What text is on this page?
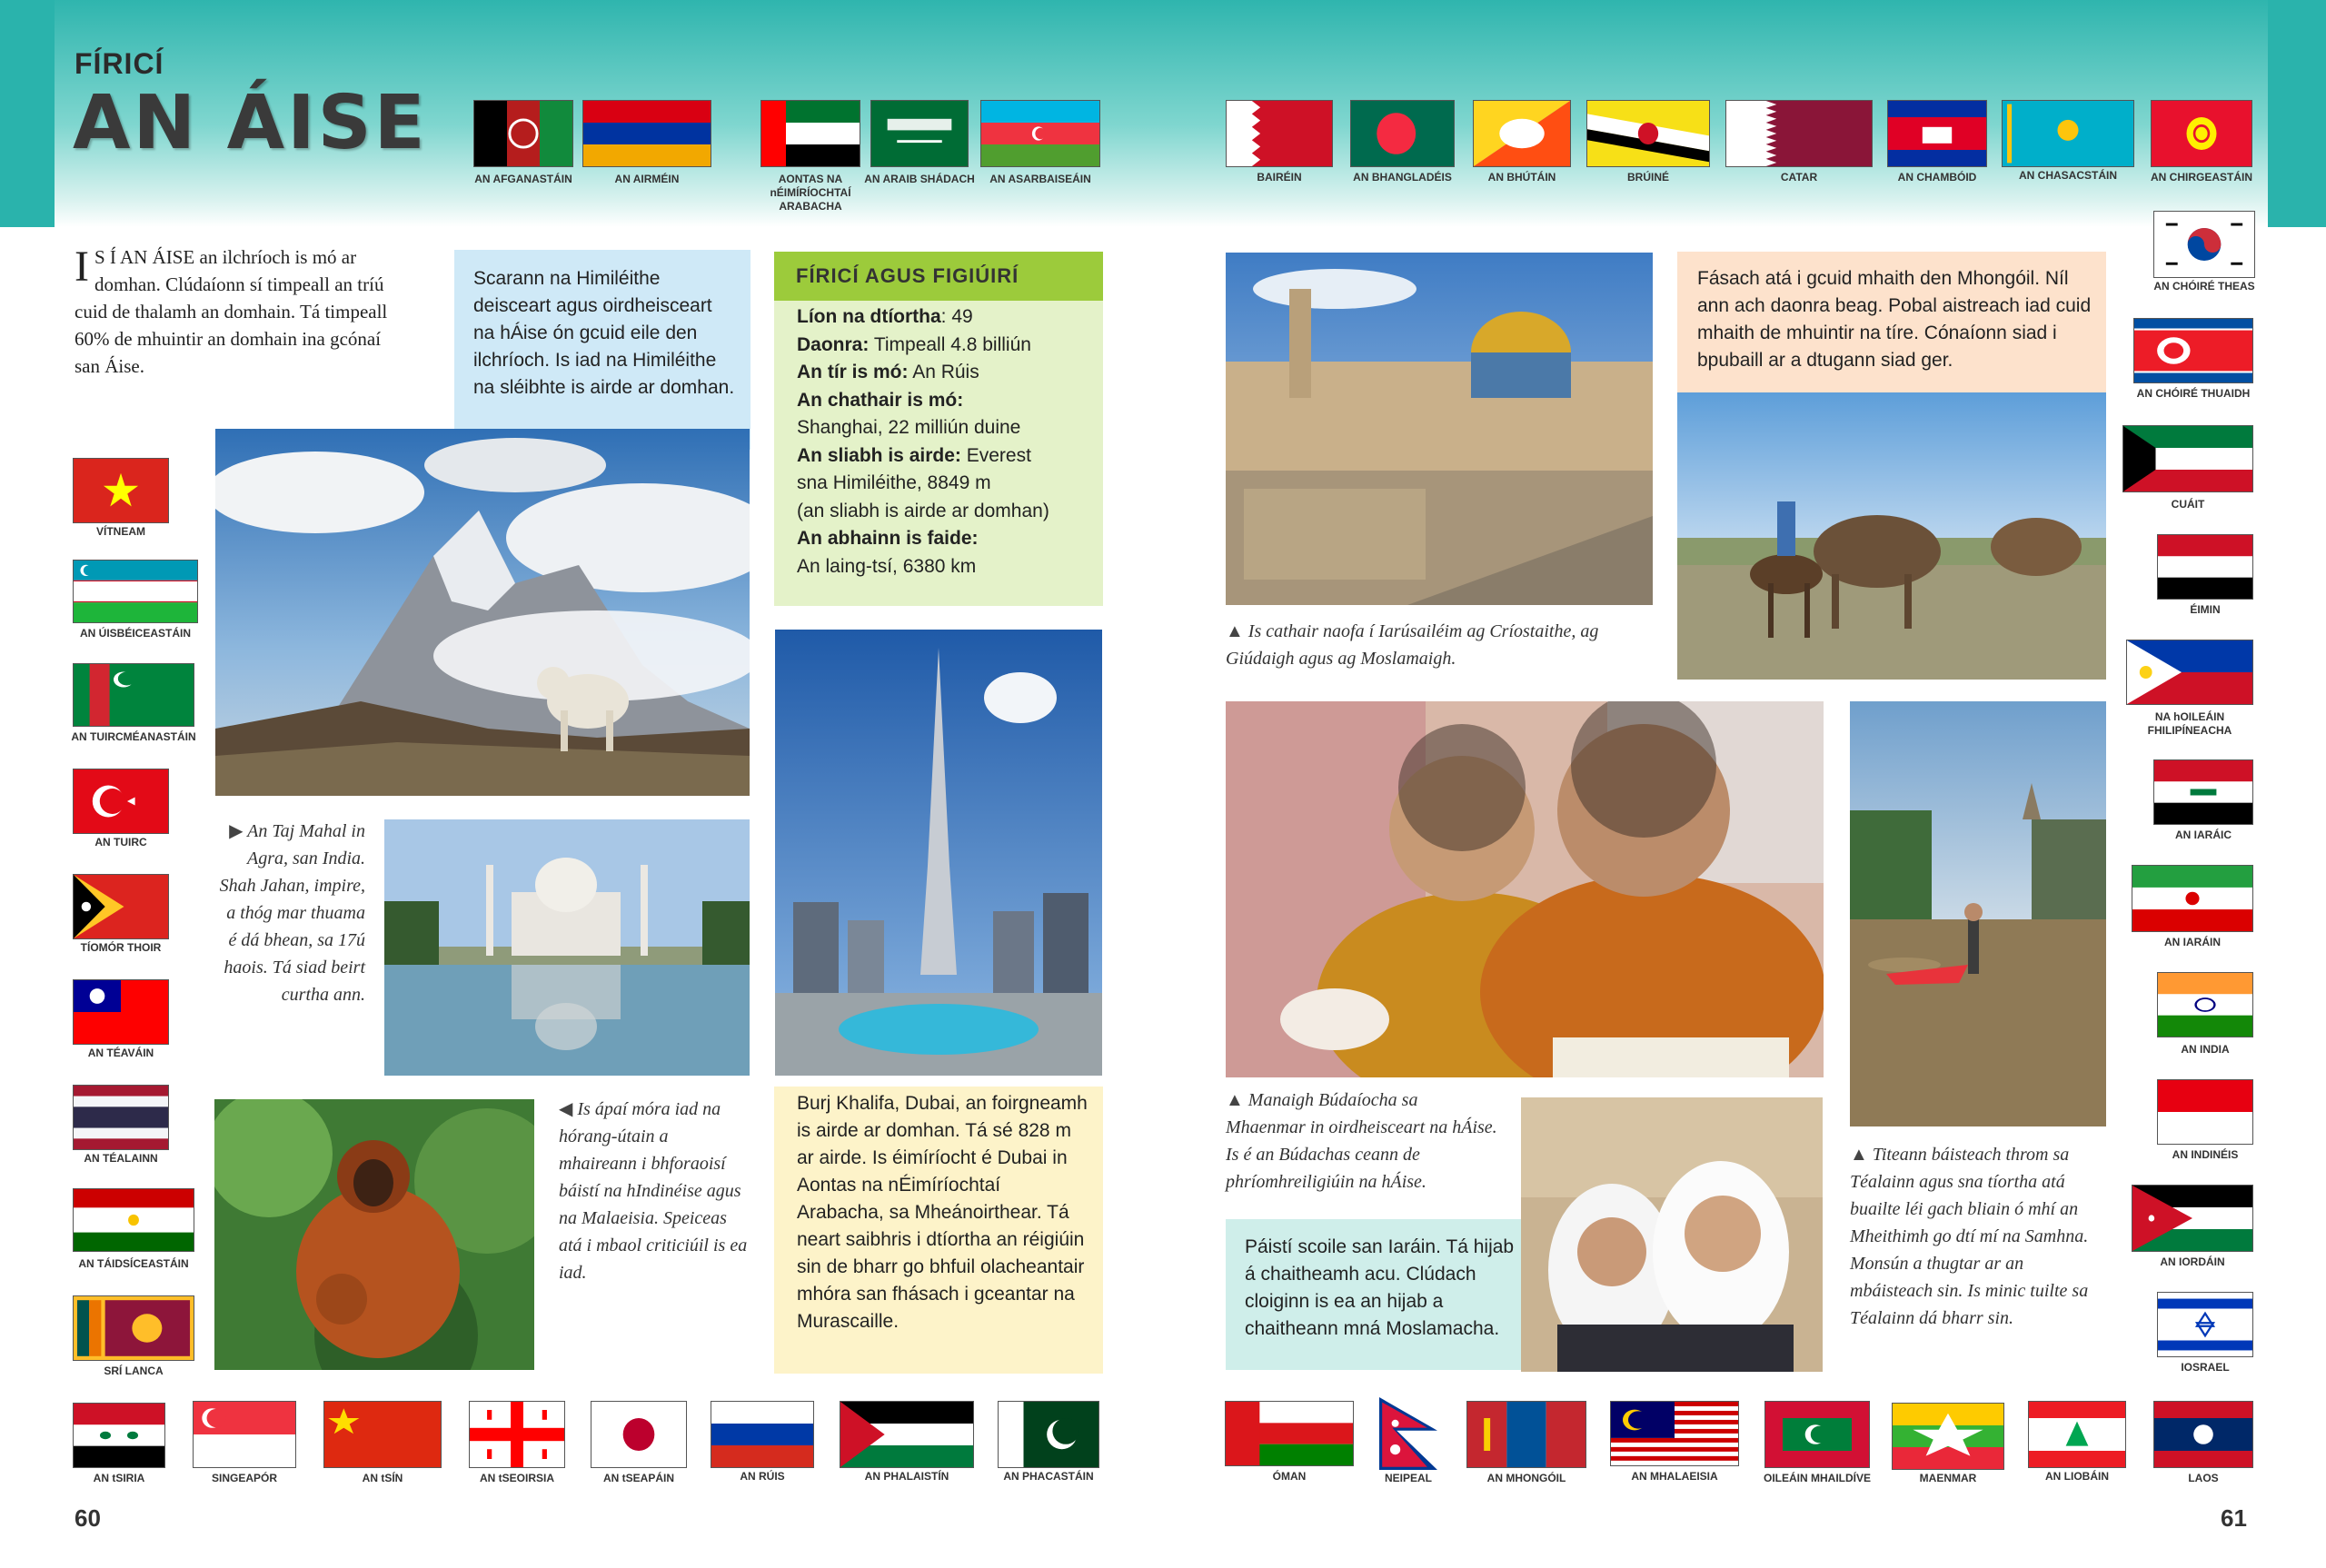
FÍRICÍ
AN ÁISE
AN AFGANASTÁIN	AN AIRMÉIN	AONTAS NA nÉIMÍRÍOCHTAÍ ARABACHA
AN ARAIB SHÁDACH	AN ASARBAISEÁIN	BAIRÉIN	AN BHANGLADÉIS	AN BHÚTÁIN	BRÚINÉ	CATAR	AN CHAMBÓID	AN CHASACSTÁIN	AN CHIRGEASTÁIN
VÍTNEAM
AN ÚISBÉICEASTÁIN
AN TUIRCMÉANASTÁIN
AN TUIRC
TÍOMÓR THOIR
AN TÉAVÁIN
AN TÉALAINN
AN TÁIDSÍCEASTÁIN
SRÍ LANCA
AN CHÓIRÉ THEAS
AN CHÓIRÉ THUAIDH
CUÁIT
ÉIMIN
NA hOILEÁIN FHILIPÍNEACHA
AN IARÁIC
AN IARÁIN
AN INDIA
AN INDINÉIS
AN IORDÁIN
IOSRAEL
AN tSIRIA	SINGEAPÓR	AN tSÍN	AN tSEOIRSIA	AN tSEAPÁIN	AN RÚIS	AN PHALAISTÍN	AN PHACASTÁIN	ÓMAN	NEIPEAL	AN MHONGÓIL	AN MHALAEISIA	OILEÁIN MHAILDÍVE	MAENMAR	AN LIOBÁIN	LAOS
I S Í AN ÁISE an ilchríoch is mó ar domhan. Clúdaíonn sí timpeall an tríú cuid de thalamh an domhain. Tá timpeall 60% de mhuintir an domhain ina gcónaí san Áise.
Scarann na Himiléithe deisceart agus oirdheisceart na hÁise ón gcuid eile den ilchríoch. Is iad na Himiléithe na sléibhte is airde ar domhan.
▶ An Taj Mahal in Agra, san India. Shah Jahan, impire, a thóg mar thuama é dá bhean, sa 17ú haois. Tá siad beirt curtha ann.
◀ Is ápaí móra iad na hórang-útain a mhaireann i bhforaoisí báistí na hIndinéise agus na Malaeisia. Speiceas atá i mbaol criticiúil is ea iad.
FÍRICÍ AGUS FIGIÚIRÍ
Líon na dtíortha: 49
Daonra: Timpeall 4.8 billiún
An tír is mó: An Rúis
An chathair is mó:
Shanghai, 22 milliún duine
An sliabh is airde: Everest
sna Himiléithe, 8849 m
(an sliabh is airde ar domhan)
An abhainn is faide:
An laing-tsí, 6380 km
Burj Khalifa, Dubai, an foirgneamh is airde ar domhan. Tá sé 828 m ar airde. Is éimíríocht é Dubai in Aontas na nÉimíríochtaí Arabacha, sa Mheánoirthear. Tá neart saibhris i dtíortha an réigiúin sin de bharr go bhfuil olacheantair mhóra san fhásach i gceantar na Murascaille.
▲ Is cathair naofa í Iarúsailéim ag Críostaithe, ag Giúdaigh agus ag Moslamaigh.
Fásach atá i gcuid mhaith den Mhongóil. Níl ann ach daonra beag. Pobal aistreach iad cuid mhaith de mhuintir na tíre. Cónaíonn siad i bpubaill ar a dtugann siad ger.
▲ Manaigh Búdaíocha sa Mhaenmar in oirdheisceart na hÁise. Is é an Búdachas ceann de phríomhreiligiúin na hÁise.
Páistí scoile san Iaráin. Tá hijab á chaitheamh acu. Clúdach cloiginn is ea an hijab a chaitheann mná Moslamacha.
▲ Titeann báisteach throm sa Téalainn agus sna tíortha atá buailte léi gach bliain ó mhí an Mheithimh go dtí mí na Samhna. Monsún a thugtar ar an mbáisteach sin. Is minic tuilte sa Téalainn dá bharr sin.
60	61
